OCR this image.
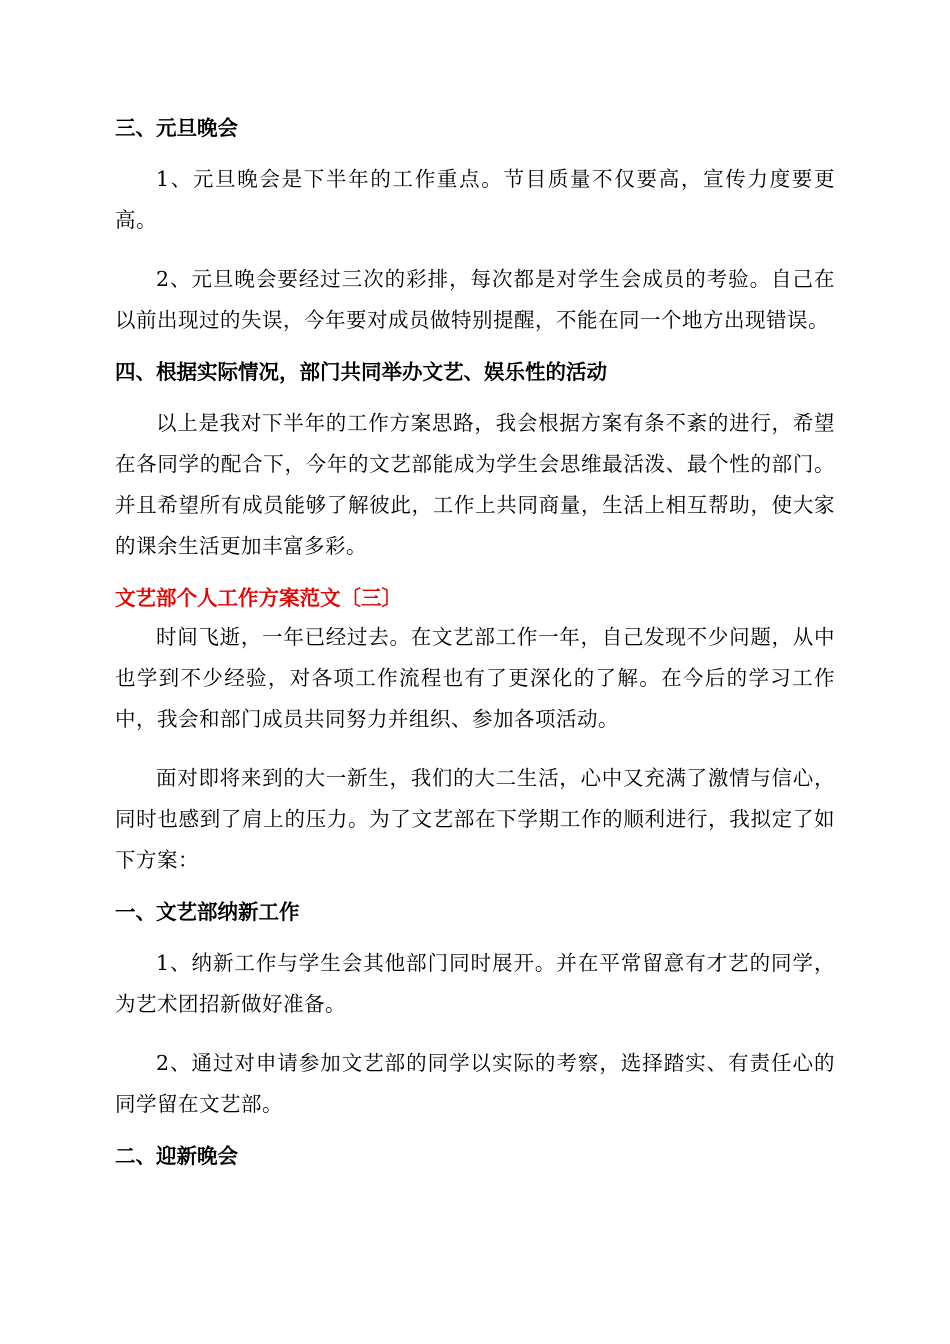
三、元旦晚会

1、元旦晚会是下半年的工作重点。节目质量不仅要高，宣传力度要更高。

2、元旦晚会要经过三次的彩排，每次都是对学生会成员的考验。自己在以前出现过的失误，今年要对成员做特别提醒，不能在同一个地方出现错误。

四、根据实际情况，部门共同举办文艺、娱乐性的活动

以上是我对下半年的工作方案思路，我会根据方案有条不紊的进行，希望在各同学的配合下，今年的文艺部能成为学生会思维最活泼、最个性的部门。并且希望所有成员能够了解彼此，工作上共同商量，生活上相互帮助，使大家的课余生活更加丰富多彩。

文艺部个人工作方案范文〔三〕

时间飞逝，一年已经过去。在文艺部工作一年，自己发现不少问题，从中也学到不少经验，对各项工作流程也有了更深化的了解。在今后的学习工作中，我会和部门成员共同努力并组织、参加各项活动。

面对即将来到的大一新生，我们的大二生活，心中又充满了激情与信心，同时也感到了肩上的压力。为了文艺部在下学期工作的顺利进行，我拟定了如下方案：

一、文艺部纳新工作

1、纳新工作与学生会其他部门同时展开。并在平常留意有才艺的同学，为艺术团招新做好准备。

2、通过对申请参加文艺部的同学以实际的考察，选择踏实、有责任心的同学留在文艺部。

二、迎新晚会
